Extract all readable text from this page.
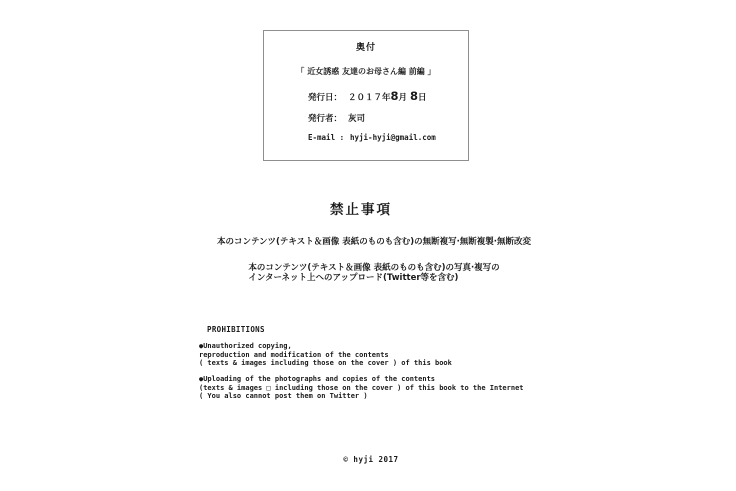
奥付
「 近女誘惑 友達のお母さん編 前編 」
発行日： ２０１７年8月 8日
発行者： 灰司
E-mail : hyji-hyji@gmail.com
禁止事項
本のコンテンツ(テキスト＆画像 表紙のものも含む)の無断複写·無断複製·無断改変
本のコンテンツ(テキスト＆画像 表紙のものも含む)の写真·複写の
インターネット上へのアップロード(Twitter等を含む)
PROHIBITIONS
●Unauthorized copying,
reproduction and modification of the contents
( texts & images including those on the cover ) of this book
●Uploading of the photographs and copies of the contents
(texts & images □ including those on the cover ) of this book to the Internet
( You also cannot post them on Twitter )
© hyji 2017
